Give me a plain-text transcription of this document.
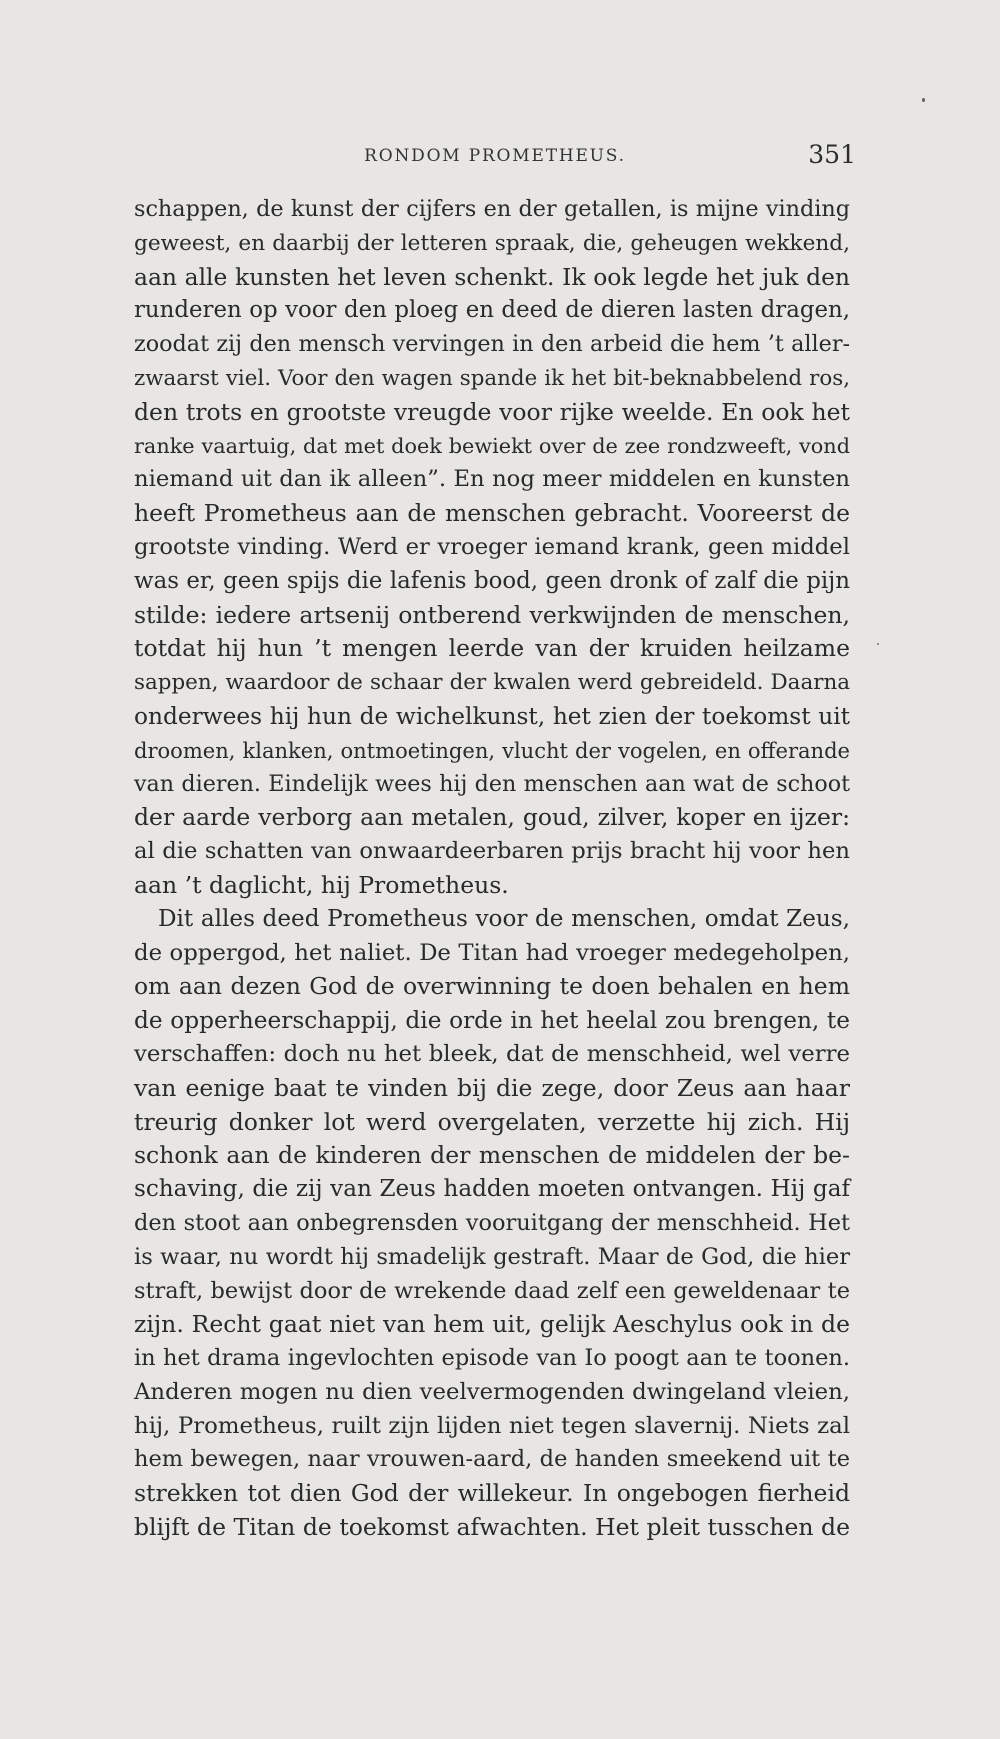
RONDOM PROMETHEUS.	351
schappen, de kunst der cijfers en der getallen, is mijne vinding
geweest, en daarbij der letteren spraak, die, geheugen wekkend,
aan alle kunsten het leven schenkt. Ik ook legde het juk den
runderen op voor den ploeg en deed de dieren lasten dragen,
zoodat zij den mensch vervingen in den arbeid die hem ’t aller-
zwaarst viel. Voor den wagen spande ik het bit-beknabbelend ros,
den trots en grootste vreugde voor rijke weelde. En ook het
ranke vaartuig, dat met doek bewiekt over de zee rondzweeft, vond
niemand uit dan ik alleen”. En nog meer middelen en kunsten
heeft Prometheus aan de menschen gebracht. Vooreerst de
grootste vinding. Werd er vroeger iemand krank, geen middel
was er, geen spijs die lafenis bood, geen dronk of zalf die pijn
stilde: iedere artsenij ontberend verkwijnden de menschen,
totdat hij hun ’t mengen leerde van der kruiden heilzame
sappen, waardoor de schaar der kwalen werd gebreideld. Daarna
onderwees hij hun de wichelkunst, het zien der toekomst uit
droomen, klanken, ontmoetingen, vlucht der vogelen, en offerande
van dieren. Eindelijk wees hij den menschen aan wat de schoot
der aarde verborg aan metalen, goud, zilver, koper en ijzer:
al die schatten van onwaardeerbaren prijs bracht hij voor hen
aan ’t daglicht, hij Prometheus.
Dit alles deed Prometheus voor de menschen, omdat Zeus,
de oppergod, het naliet. De Titan had vroeger medegeholpen,
om aan dezen God de overwinning te doen behalen en hem
de opperheerschappij, die orde in het heelal zou brengen, te
verschaffen: doch nu het bleek, dat de menschheid, wel verre
van eenige baat te vinden bij die zege, door Zeus aan haar
treurig donker lot werd overgelaten, verzette hij zich. Hij
schonk aan de kinderen der menschen de middelen der be-
schaving, die zij van Zeus hadden moeten ontvangen. Hij gaf
den stoot aan onbegrensden vooruitgang der menschheid. Het
is waar, nu wordt hij smadelijk gestraft. Maar de God, die hier
straft, bewijst door de wrekende daad zelf een geweldenaar te
zijn. Recht gaat niet van hem uit, gelijk Aeschylus ook in de
in het drama ingevlochten episode van Io poogt aan te toonen.
Anderen mogen nu dien veelvermogenden dwingeland vleien,
hij, Prometheus, ruilt zijn lijden niet tegen slavernij. Niets zal
hem bewegen, naar vrouwen-aard, de handen smeekend uit te
strekken tot dien God der willekeur. In ongebogen fierheid
blijft de Titan de toekomst afwachten. Het pleit tusschen de
